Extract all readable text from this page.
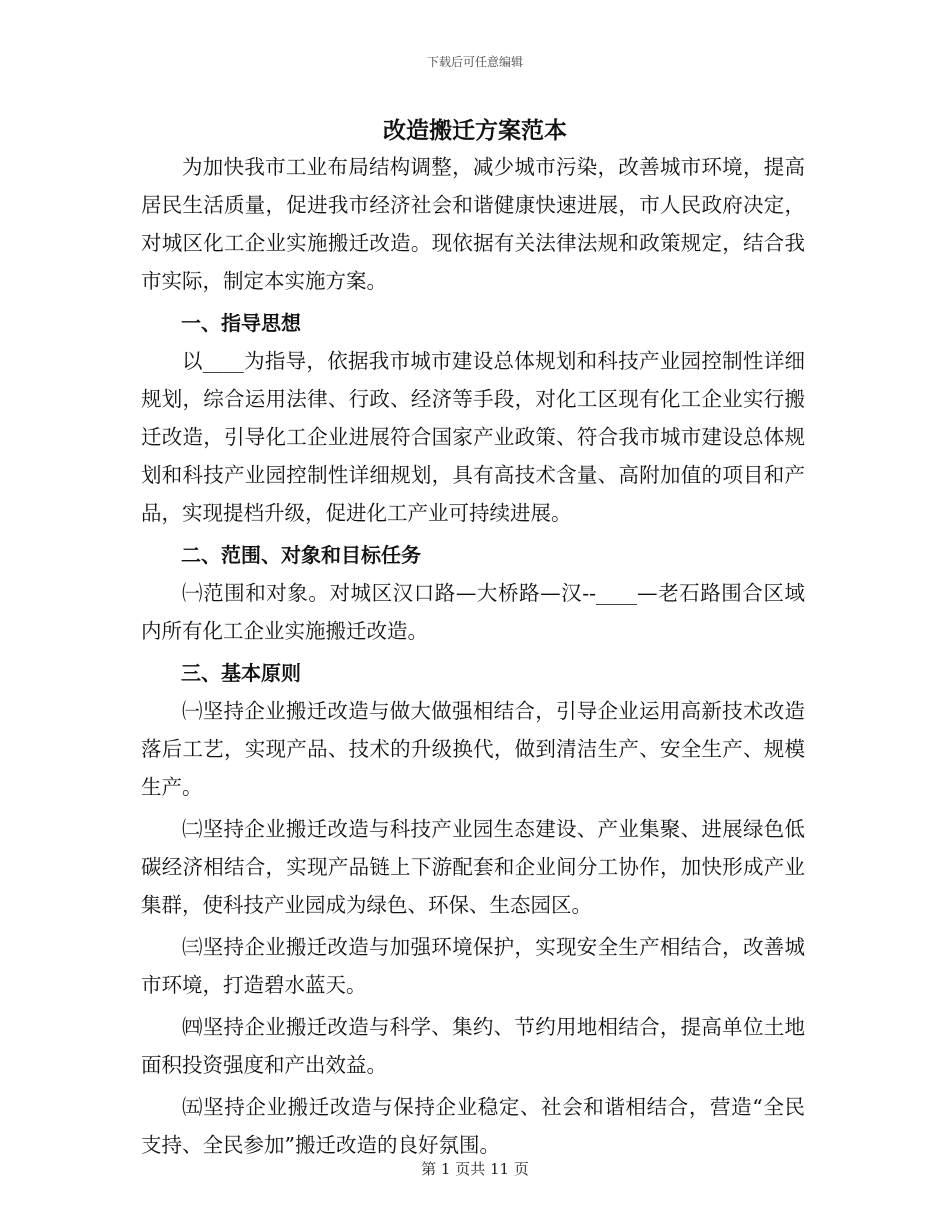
下载后可任意编辑
改造搬迁方案范本

为加快我市工业布局结构调整，减少城市污染，改善城市环境，提高居民生活质量，促进我市经济社会和谐健康快速进展，市人民政府决定，对城区化工企业实施搬迁改造。现依据有关法律法规和政策规定，结合我市实际，制定本实施方案。

一、指导思想

以____为指导，依据我市城市建设总体规划和科技产业园控制性详细规划，综合运用法律、行政、经济等手段，对化工区现有化工企业实行搬迁改造，引导化工企业进展符合国家产业政策、符合我市城市建设总体规划和科技产业园控制性详细规划，具有高技术含量、高附加值的项目和产品，实现提档升级，促进化工产业可持续进展。

二、范围、对象和目标任务

㈠范围和对象。对城区汉口路—大桥路—汉--____—老石路围合区域内所有化工企业实施搬迁改造。

三、基本原则

㈠坚持企业搬迁改造与做大做强相结合，引导企业运用高新技术改造落后工艺，实现产品、技术的升级换代，做到清洁生产、安全生产、规模生产。

㈡坚持企业搬迁改造与科技产业园生态建设、产业集聚、进展绿色低碳经济相结合，实现产品链上下游配套和企业间分工协作，加快形成产业集群，使科技产业园成为绿色、环保、生态园区。

㈢坚持企业搬迁改造与加强环境保护，实现安全生产相结合，改善城市环境，打造碧水蓝天。

㈣坚持企业搬迁改造与科学、集约、节约用地相结合，提高单位土地面积投资强度和产出效益。

㈤坚持企业搬迁改造与保持企业稳定、社会和谐相结合，营造“全民支持、全民参加”搬迁改造的良好氛围。

第 1 页共 11 页
